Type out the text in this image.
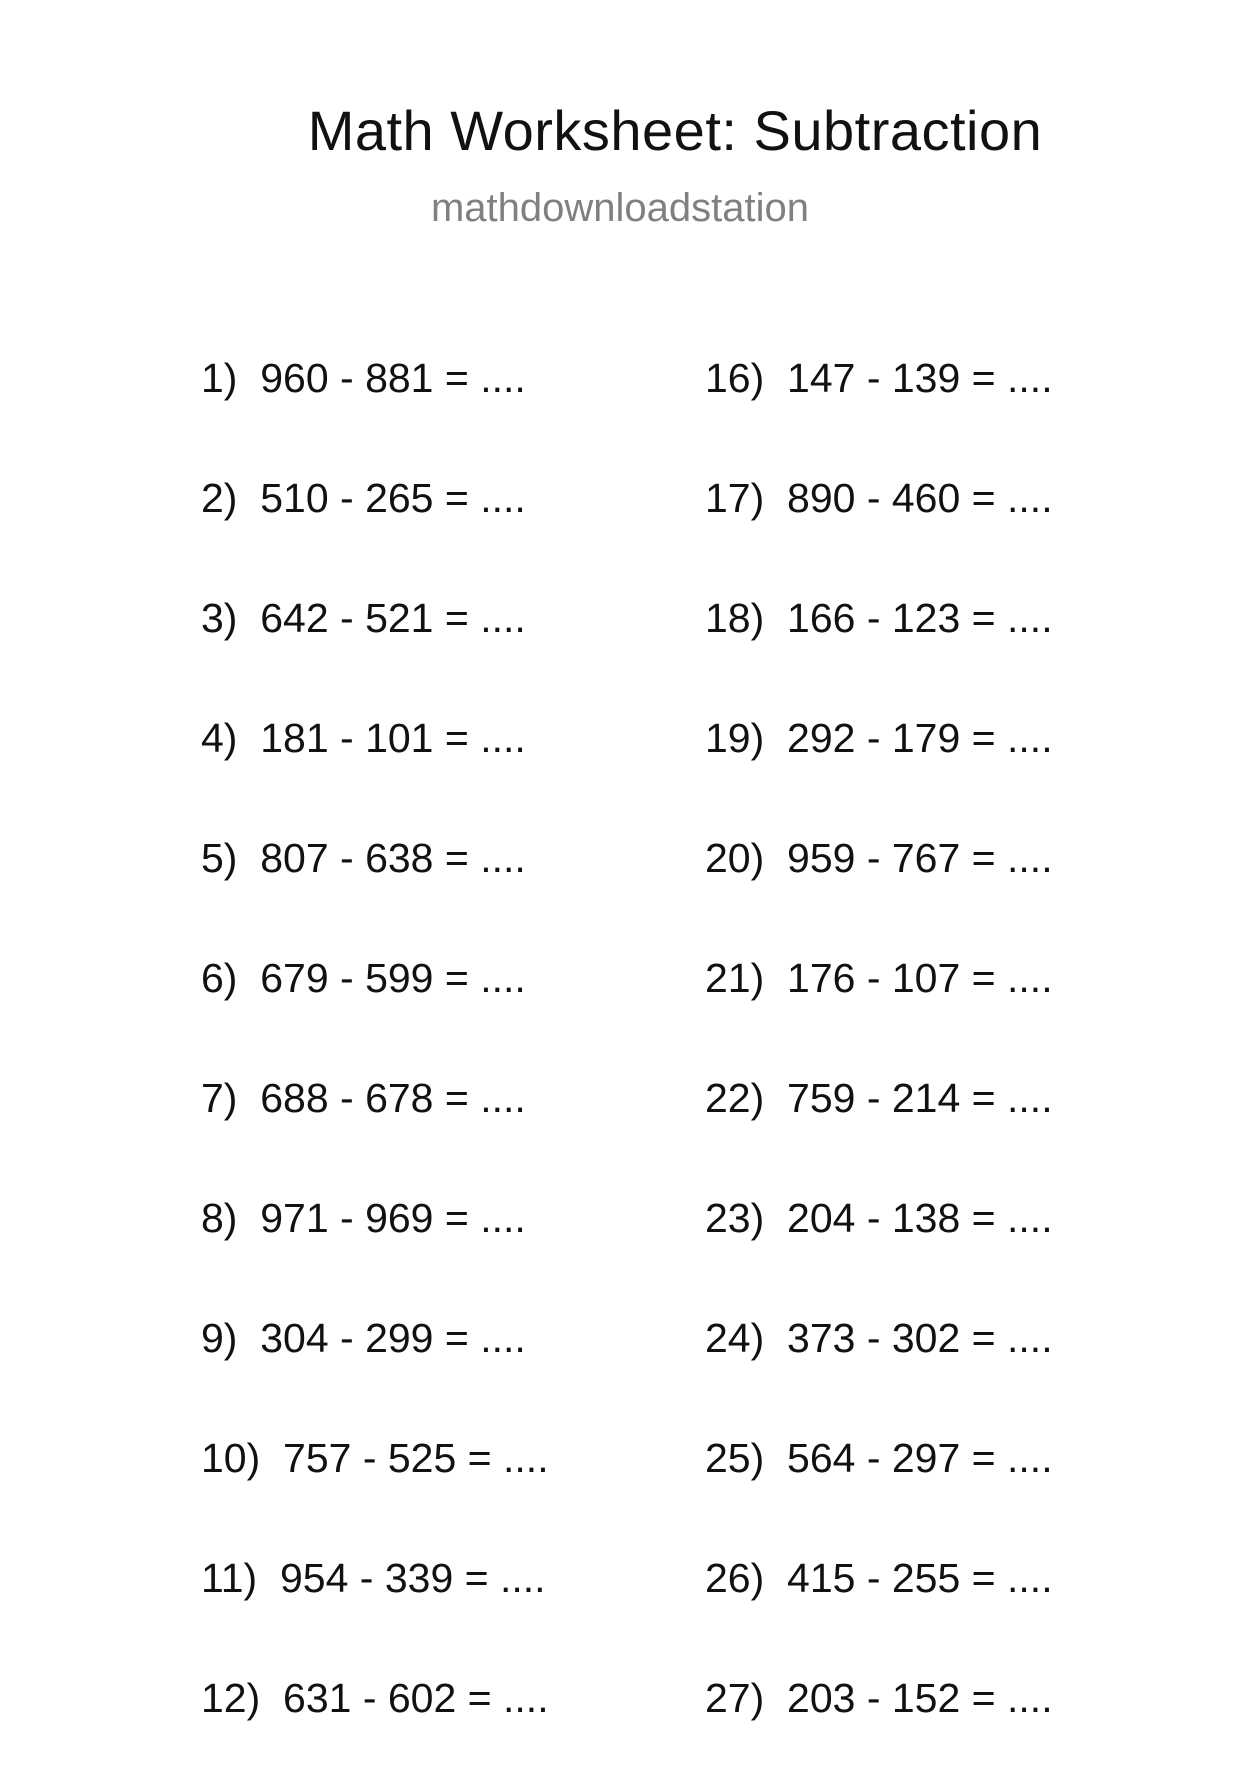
Math Worksheet: Subtraction
mathdownloadstation
1)  960 - 881 = ....
2)  510 - 265 = ....
3)  642 - 521 = ....
4)  181 - 101 = ....
5)  807 - 638 = ....
6)  679 - 599 = ....
7)  688 - 678 = ....
8)  971 - 969 = ....
9)  304 - 299 = ....
10)  757 - 525 = ....
11)  954 - 339 = ....
12)  631 - 602 = ....
16)  147 - 139 = ....
17)  890 - 460 = ....
18)  166 - 123 = ....
19)  292 - 179 = ....
20)  959 - 767 = ....
21)  176 - 107 = ....
22)  759 - 214 = ....
23)  204 - 138 = ....
24)  373 - 302 = ....
25)  564 - 297 = ....
26)  415 - 255 = ....
27)  203 - 152 = ....
